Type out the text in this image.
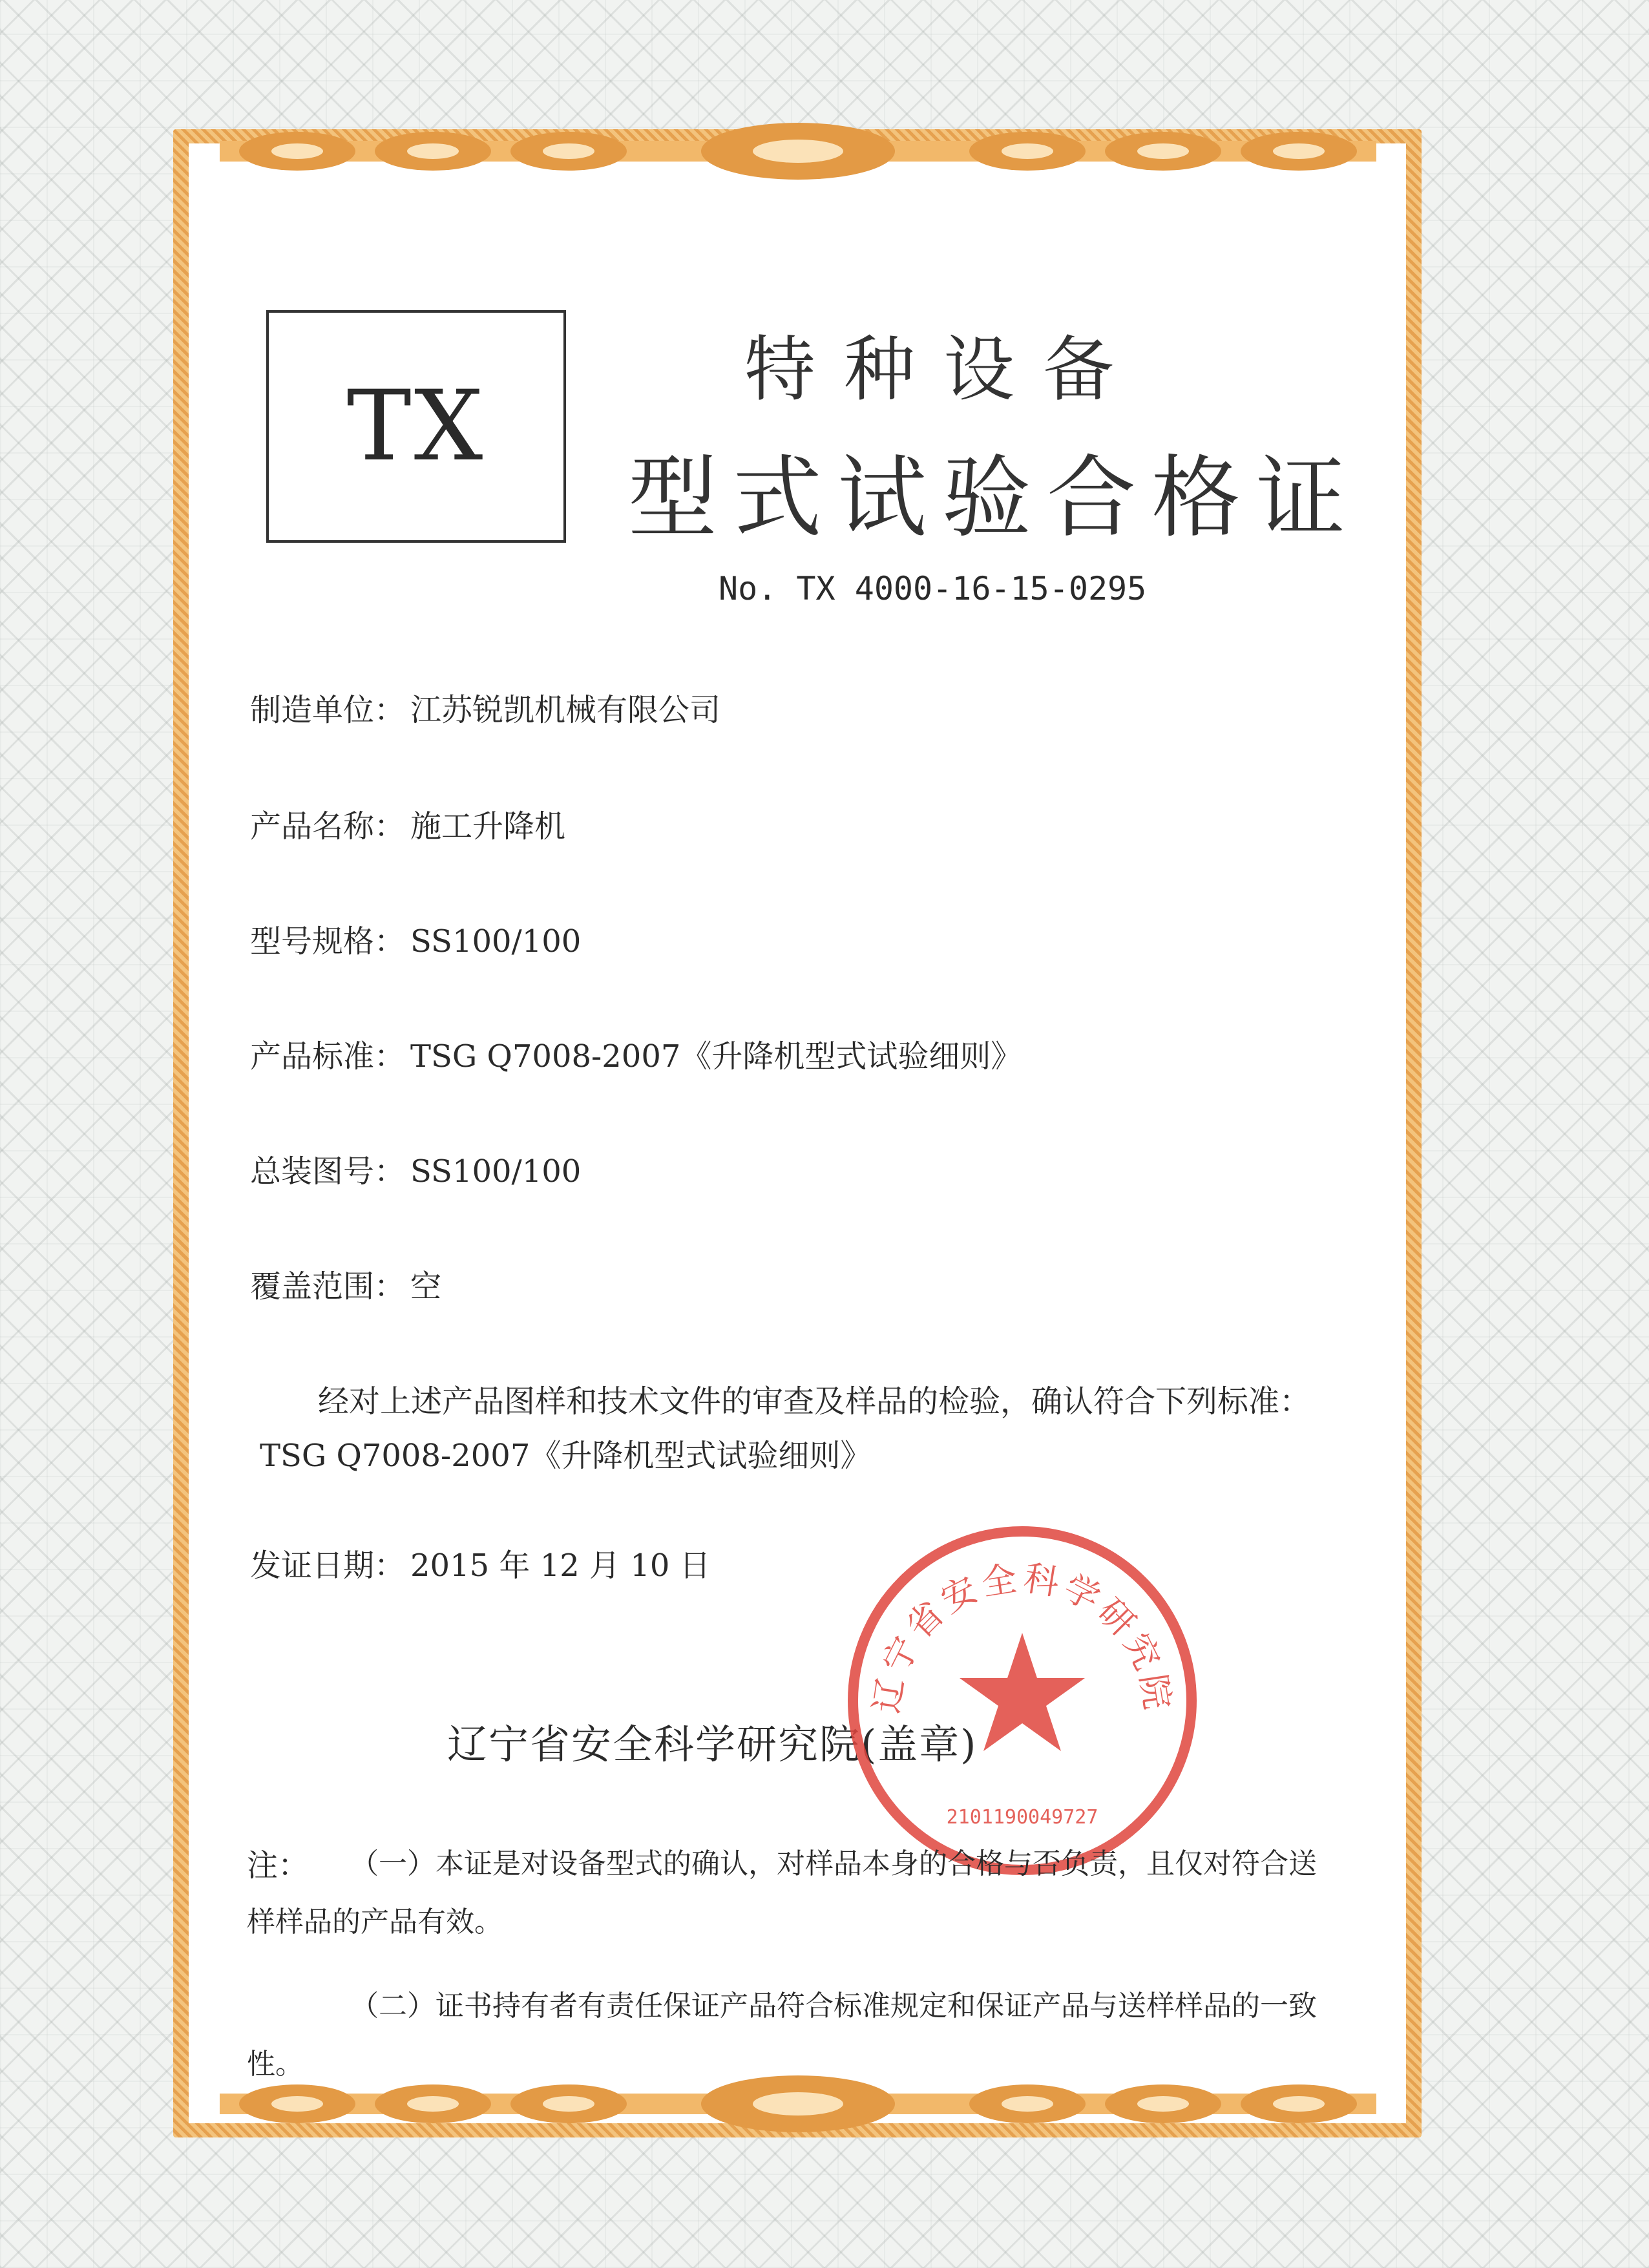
TX
特种设备
型式试验合格证
No. TX 4000-16-15-0295
制造单位： 江苏锐凯机械有限公司
产品名称： 施工升降机
型号规格： SS100/100
产品标准： TSG Q7008-2007《升降机型式试验细则》
总装图号： SS100/100
覆盖范围： 空
经对上述产品图样和技术文件的审查及样品的检验，确认符合下列标准：
TSG Q7008-2007《升降机型式试验细则》
发证日期： 2015 年 12 月 10 日
辽宁省安全科学研究院(盖章)
辽宁省安全科学研究院
2101190049727
注： （一）本证是对设备型式的确认，对样品本身的合格与否负责，且仅对符合送
样样品的产品有效。
（二）证书持有者有责任保证产品符合标准规定和保证产品与送样样品的一致
性。
